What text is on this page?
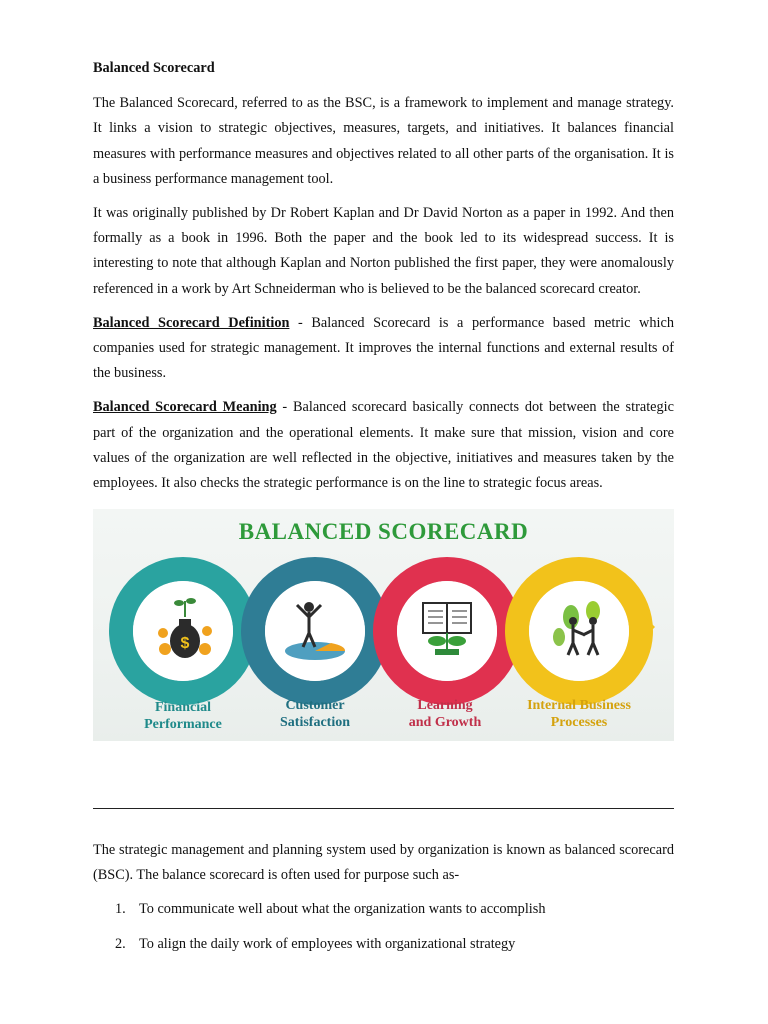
Balanced Scorecard

The Balanced Scorecard, referred to as the BSC, is a framework to implement and manage strategy. It links a vision to strategic objectives, measures, targets, and initiatives. It balances financial measures with performance measures and objectives related to all other parts of the organisation. It is a business performance management tool.

It was originally published by Dr Robert Kaplan and Dr David Norton as a paper in 1992. And then formally as a book in 1996. Both the paper and the book led to its widespread success. It is interesting to note that although Kaplan and Norton published the first paper, they were anomalously referenced in a work by Art Schneiderman who is believed to be the balanced scorecard creator.

Balanced Scorecard Definition - Balanced Scorecard is a performance based metric which companies used for strategic management. It improves the internal functions and external results of the business.

Balanced Scorecard Meaning - Balanced scorecard basically connects dot between the strategic part of the organization and the operational elements. It make sure that mission, vision and core values of the organization are well reflected in the objective, initiatives and measures taken by the employees. It also checks the strategic performance is on the line to strategic focus areas.

$
BALANCED SCORECARD
Financial
Performance
Customer
Satisfaction
Learning
and Growth
Internal Business
Processes

The strategic management and planning system used by organization is known as balanced scorecard (BSC). The balance scorecard is often used for purpose such as-

1. To communicate well about what the organization wants to accomplish
2. To align the daily work of employees with organizational strategy
